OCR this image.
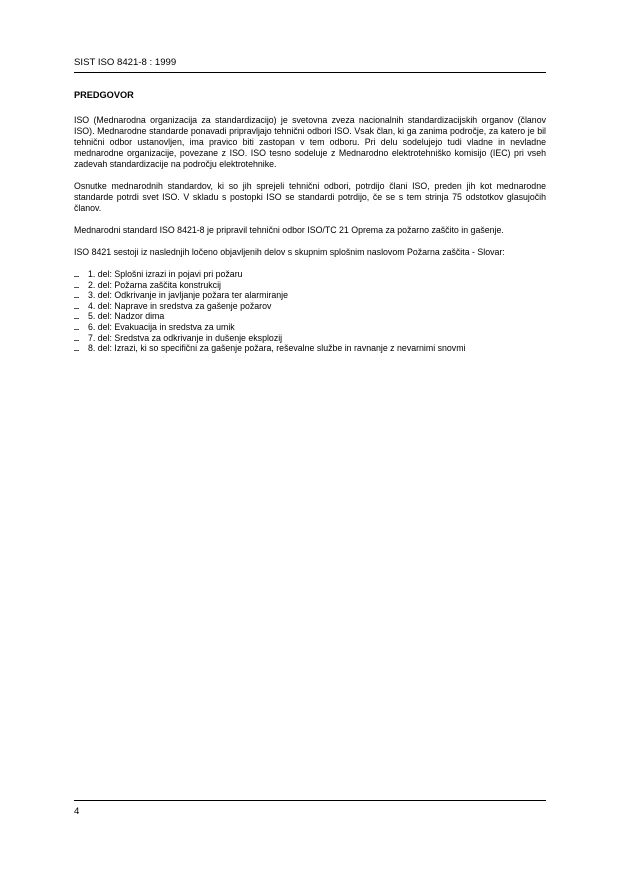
SIST ISO 8421-8 : 1999
PREDGOVOR

ISO (Mednarodna organizacija za standardizacijo) je svetovna zveza nacionalnih standardizacijskih organov (članov ISO). Mednarodne standarde ponavadi pripravljajo tehnični odbori ISO. Vsak član, ki ga zanima področje, za katero je bil tehnični odbor ustanovljen, ima pravico biti zastopan v tem odboru. Pri delu sodelujejo tudi vladne in nevladne mednarodne organizacije, povezane z ISO. ISO tesno sodeluje z Mednarodno elektrotehniško komisijo (IEC) pri vseh zadevah standardizacije na področju elektrotehnike.

Osnutke mednarodnih standardov, ki so jih sprejeli tehnični odbori, potrdijo člani ISO, preden jih kot mednarodne standarde potrdi svet ISO. V skladu s postopki ISO se standardi potrdijo, če se s tem strinja 75 odstotkov glasujočih članov.

Mednarodni standard ISO 8421-8 je pripravil tehnični odbor ISO/TC 21 Oprema za požarno zaščito in gašenje.

ISO 8421 sestoji iz naslednjih ločeno objavljenih delov s skupnim splošnim naslovom Požarna zaščita - Slovar:

1. del: Splošni izrazi in pojavi pri požaru
2. del: Požarna zaščita konstrukcij
3. del: Odkrivanje in javljanje požara ter alarmiranje
4. del: Naprave in sredstva za gašenje požarov
5. del: Nadzor dima
6. del: Evakuacija in sredstva za umik
7. del: Sredstva za odkrivanje in dušenje eksplozij
8. del: Izrazi, ki so specifični za gašenje požara, reševalne službe in ravnanje z nevarnimi snovmi
4
